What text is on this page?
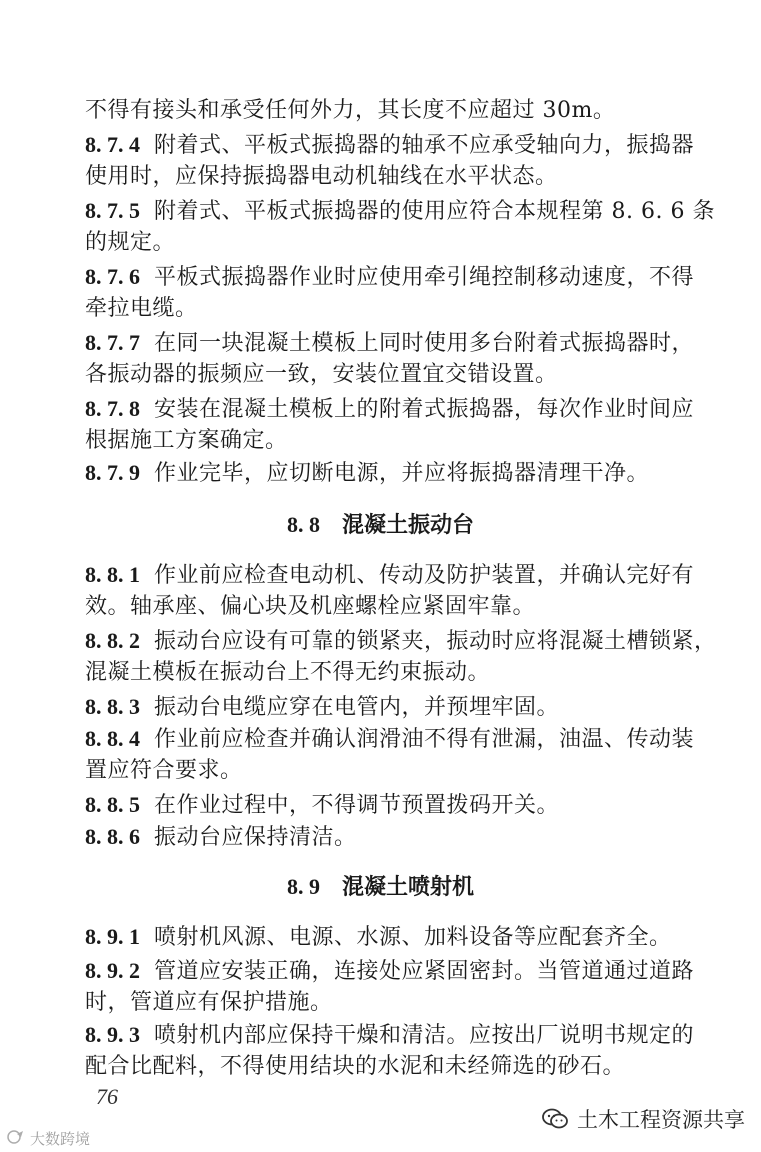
不得有接头和承受任何外力，其长度不应超过 30m。
8. 7. 4 附着式、平板式振捣器的轴承不应承受轴向力，振捣器
使用时，应保持振捣器电动机轴线在水平状态。
8. 7. 5 附着式、平板式振捣器的使用应符合本规程第 8. 6. 6 条
的规定。
8. 7. 6 平板式振捣器作业时应使用牵引绳控制移动速度，不得
牵拉电缆。
8. 7. 7 在同一块混凝土模板上同时使用多台附着式振捣器时，
各振动器的振频应一致，安装位置宜交错设置。
8. 7. 8 安装在混凝土模板上的附着式振捣器，每次作业时间应
根据施工方案确定。
8. 7. 9 作业完毕，应切断电源，并应将振捣器清理干净。
8. 8 混凝土振动台
8. 8. 1 作业前应检查电动机、传动及防护装置，并确认完好有
效。轴承座、偏心块及机座螺栓应紧固牢靠。
8. 8. 2 振动台应设有可靠的锁紧夹，振动时应将混凝土槽锁紧，
混凝土模板在振动台上不得无约束振动。
8. 8. 3 振动台电缆应穿在电管内，并预埋牢固。
8. 8. 4 作业前应检查并确认润滑油不得有泄漏，油温、传动装
置应符合要求。
8. 8. 5 在作业过程中，不得调节预置拨码开关。
8. 8. 6 振动台应保持清洁。
8. 9 混凝土喷射机
8. 9. 1 喷射机风源、电源、水源、加料设备等应配套齐全。
8. 9. 2 管道应安装正确，连接处应紧固密封。当管道通过道路
时，管道应有保护措施。
8. 9. 3 喷射机内部应保持干燥和清洁。应按出厂说明书规定的
配合比配料，不得使用结块的水泥和未经筛选的砂石。
76
土木工程资源共享
大数跨境
